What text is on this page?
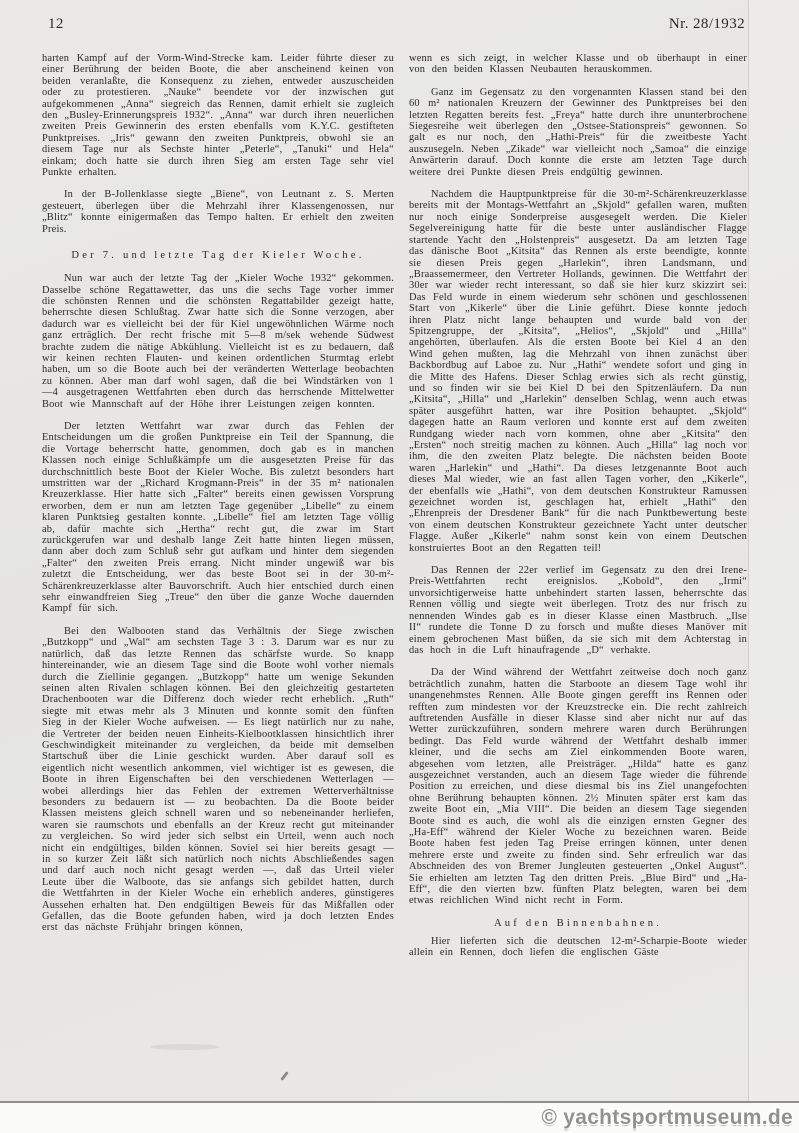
12	Nr. 28/1932

harten Kampf auf der Vorm-Wind-Strecke kam. Leider führte dieser zu einer Berührung der beiden Boote, die aber anscheinend keinen von beiden veranlaßte, die Konsequenz zu ziehen, entweder auszuscheiden oder zu protestieren. „Nauke“ beendete vor der inzwischen gut aufgekommenen „Anna“ siegreich das Rennen, damit erhielt sie zugleich den „Busley-Erinnerungspreis 1932“. „Anna“ war durch ihren neuerlichen zweiten Preis Gewinnerin des ersten ebenfalls vom K.Y.C. gestifteten Punktpreises. „Iris“ gewann den zweiten Punktpreis, obwohl sie an diesem Tage nur als Sechste hinter „Peterle“, „Tanuki“ und Hela“ einkam; doch hatte sie durch ihren Sieg am ersten Tage sehr viel Punkte erhalten.

In der B-Jollenklasse siegte „Biene“, von Leutnant z. S. Merten gesteuert, überlegen über die Mehrzahl ihrer Klassengenossen, nur „Blitz“ konnte einigermaßen das Tempo halten. Er erhielt den zweiten Preis.

Der 7. und letzte Tag der Kieler Woche.

Nun war auch der letzte Tag der „Kieler Woche 1932“ gekommen. Dasselbe schöne Regattawetter, das uns die sechs Tage vorher immer die schönsten Rennen und die schönsten Regattabilder gezeigt hatte, beherrschte diesen Schlußtag. Zwar hatte sich die Sonne verzogen, aber dadurch war es vielleicht bei der für Kiel ungewöhnlichen Wärme noch ganz erträglich. Der recht frische mit 5—8 m/sek wehende Südwest brachte zudem die nätige Abkühlung. Vielleicht ist es zu bedauern, daß wir keinen rechten Flauten- und keinen ordentlichen Sturmtag erlebt haben, um so die Boote auch bei der veränderten Wetterlage beobachten zu können. Aber man darf wohl sagen, daß die bei Windstärken von 1—4 ausgetragenen Wettfahrten eben durch das herrschende Mittelwetter Boot wie Mannschaft auf der Höhe ihrer Leistungen zeigen konnten.

Der letzten Wettfahrt war zwar durch das Fehlen der Entscheidungen um die großen Punktpreise ein Teil der Spannung, die die Vortage beherrscht hatte, genommen, doch gab es in manchen Klassen noch einige Schlußkämpfe um die ausgesetzten Preise für das durchschnittlich beste Boot der Kieler Woche. Bis zuletzt besonders hart umstritten war der „Richard Krogmann-Preis“ in der 35 m² nationalen Kreuzerklasse. Hier hatte sich „Falter“ bereits einen gewissen Vorsprung erworben, dem er nun am letzten Tage gegenüber „Libelle“ zu einem klaren Punktsieg gestalten konnte. „Libelle“ fiel am letzten Tage völlig ab, dafür machte sich „Hertha“ recht gut, die zwar im Start zurückgerufen war und deshalb lange Zeit hatte hinten liegen müssen, dann aber doch zum Schluß sehr gut aufkam und hinter dem siegenden „Falter“ den zweiten Preis errang. Nicht minder ungewiß war bis zuletzt die Entscheidung, wer das beste Boot sei in der 30-m²-Schärenkreuzerklasse alter Bauvorschrift. Auch hier entschied durch einen sehr einwandfreien Sieg „Treue“ den über die ganze Woche dauernden Kampf für sich.

Bei den Walbooten stand das Verhältnis der Siege zwischen „Butzkopp“ und „Wal“ am sechsten Tage 3 : 3. Darum war es nur zu natürlich, daß das letzte Rennen das schärfste wurde. So knapp hintereinander, wie an diesem Tage sind die Boote wohl vorher niemals durch die Ziellinie gegangen. „Butzkopp“ hatte um wenige Sekunden seinen alten Rivalen schlagen können. Bei den gleichzeitig gestarteten Drachenbooten war die Differenz doch wieder recht erheblich. „Ruth“ siegte mit etwas mehr als 3 Minuten und konnte somit den fünften Sieg in der Kieler Woche aufweisen. — Es liegt natürlich nur zu nahe, die Vertreter der beiden neuen Einheits-Kielbootklassen hinsichtlich ihrer Geschwindigkeit miteinander zu vergleichen, da beide mit demselben Startschuß über die Linie geschickt wurden. Aber darauf soll es eigentlich nicht wesentlich ankommen, viel wichtiger ist es gewesen, die Boote in ihren Eigenschaften bei den verschiedenen Wetterlagen — wobei allerdings hier das Fehlen der extremen Wetterverhältnisse besonders zu bedauern ist — zu beobachten. Da die Boote beider Klassen meistens gleich schnell waren und so nebeneinander herliefen, waren sie raumschots und ebenfalls an der Kreuz recht gut miteinander zu vergleichen. So wird jeder sich selbst ein Urteil, wenn auch noch nicht ein endgültiges, bilden können. Soviel sei hier bereits gesagt — in so kurzer Zeit läßt sich natürlich noch nichts Abschließendes sagen und darf auch noch nicht gesagt werden —, daß das Urteil vieler Leute über die Walboote, das sie anfangs sich gebildet hatten, durch die Wettfahrten in der Kieler Woche ein erheblich anderes, günstigeres Aussehen erhalten hat. Den endgültigen Beweis für das Mißfallen oder Gefallen, das die Boote gefunden haben, wird ja doch letzten Endes erst das nächste Frühjahr bringen können,

wenn es sich zeigt, in welcher Klasse und ob überhaupt in einer von den beiden Klassen Neubauten herauskommen.

Ganz im Gegensatz zu den vorgenannten Klassen stand bei den 60 m² nationalen Kreuzern der Gewinner des Punktpreises bei den letzten Regatten bereits fest. „Freya“ hatte durch ihre ununterbrochene Siegesreihe weit überlegen den „Ostsee-Stationspreis“ gewonnen. So galt es nur noch, den „Hathi-Preis“ für die zweitbeste Yacht auszusegeln. Neben „Zikade“ war vielleicht noch „Samoa“ die einzige Anwärterin darauf. Doch konnte die erste am letzten Tage durch weitere drei Punkte diesen Preis endgültig gewinnen.

Nachdem die Hauptpunktpreise für die 30-m²-Schärenkreuzerklasse bereits mit der Montags-Wettfahrt an „Skjold“ gefallen waren, mußten nur noch einige Sonderpreise ausgesegelt werden. Die Kieler Segelvereinigung hatte für die beste unter ausländischer Flagge startende Yacht den „Holstenpreis“ ausgesetzt. Da am letzten Tage das dänische Boot „Kitsita“ das Rennen als erste beendigte, konnte sie diesen Preis gegen „Harlekin“, ihren Landsmann, und „Braassemermeer, den Vertreter Hollands, gewinnen. Die Wettfahrt der 30er war wieder recht interessant, so daß sie hier kurz skizzirt sei: Das Feld wurde in einem wiederum sehr schönen und geschlossenen Start von „Kikerle“ über die Linie geführt. Diese konnte jedoch ihren Platz nicht lange behaupten und wurde bald von der Spitzengruppe, der „Kitsita“, „Helios“, „Skjold“ und „Hilla“ angehörten, überlaufen. Als die ersten Boote bei Kiel 4 an den Wind gehen mußten, lag die Mehrzahl von ihnen zunächst über Backbordbug auf Laboe zu. Nur „Hathi“ wendete sofort und ging in die Mitte des Hafens. Dieser Schlag erwies sich als recht günstig, und so finden wir sie bei Kiel D bei den Spitzenläufern. Da nun „Kitsita“, „Hilla“ und „Harlekin“ denselben Schlag, wenn auch etwas später ausgeführt hatten, war ihre Position behauptet. „Skjold“ dagegen hatte an Raum verloren und konnte erst auf dem zweiten Rundgang wieder nach vorn kommen, ohne aber „Kitsita“ den „Ersten“ noch streitig machen zu können. Auch „Hilla“ lag noch vor ihm, die den zweiten Platz belegte. Die nächsten beiden Boote waren „Harlekin“ und „Hathi“. Da dieses letzgenannte Boot auch dieses Mal wieder, wie an fast allen Tagen vorher, den „Kikerle“, der ebenfalls wie „Hathi“, von dem deutschen Konstrukteur Ramussen gezeichnet worden ist, geschlagen hat, erhielt „Hathi“ den „Ehrenpreis der Dresdener Bank“ für die nach Punktbewertung beste von einem deutschen Konstrukteur gezeichnete Yacht unter deutscher Flagge. Außer „Kikerle“ nahm sonst kein von einem Deutschen konstruiertes Boot an den Regatten teil!

Das Rennen der 22er verlief im Gegensatz zu den drei Irene-Preis-Wettfahrten recht ereignislos. „Kobold“, den „Irmi“ unvorsichtigerweise hatte unbehindert starten lassen, beherrschte das Rennen völlig und siegte weit überlegen. Trotz des nur frisch zu nennenden Windes gab es in dieser Klasse einen Mastbruch. „Ilse II“ rundete die Tonne D zu forsch und mußte dieses Manöver mit einem gebrochenen Mast büßen, da sie sich mit dem Achterstag in das hoch in die Luft hinaufragende „D“ verhakte.

Da der Wind während der Wettfahrt zeitweise doch noch ganz beträchtlich zunahm, hatten die Starboote an diesem Tage wohl ihr unangenehmstes Rennen. Alle Boote gingen gerefft ins Rennen oder refften zum mindesten vor der Kreuzstrecke ein. Die recht zahlreich auftretenden Ausfälle in dieser Klasse sind aber nicht nur auf das Wetter zurückzuführen, sondern mehrere waren durch Berührungen bedingt. Das Feld wurde während der Wettfahrt deshalb immer kleiner, und die sechs am Ziel einkommenden Boote waren, abgesehen vom letzten, alle Preisträger. „Hilda“ hatte es ganz ausgezeichnet verstanden, auch an diesem Tage wieder die führende Position zu erreichen, und diese diesmal bis ins Ziel unangefochten ohne Berührung behaupten können. 2½ Minuten später erst kam das zweite Boot ein, „Mia VIII“. Die beiden an diesem Tage siegenden Boote sind es auch, die wohl als die einzigen ernsten Gegner des „Ha-Eff“ während der Kieler Woche zu bezeichnen waren. Beide Boote haben fest jeden Tag Preise erringen können, unter denen mehrere erste und zweite zu finden sind. Sehr erfreulich war das Abschneiden des von Bremer Jungleuten gesteuerten „Onkel August“. Sie erhielten am letzten Tag den dritten Preis. „Blue Bird“ und „Ha-Eff“, die den vierten bzw. fünften Platz belegten, waren bei dem etwas reichlichen Wind nicht recht in Form.

Auf den Binnenbahnen.

Hier lieferten sich die deutschen 12-m²-Scharpie-Boote wieder allein ein Rennen, doch liefen die englischen Gäste

© yachtsportmuseum.de
